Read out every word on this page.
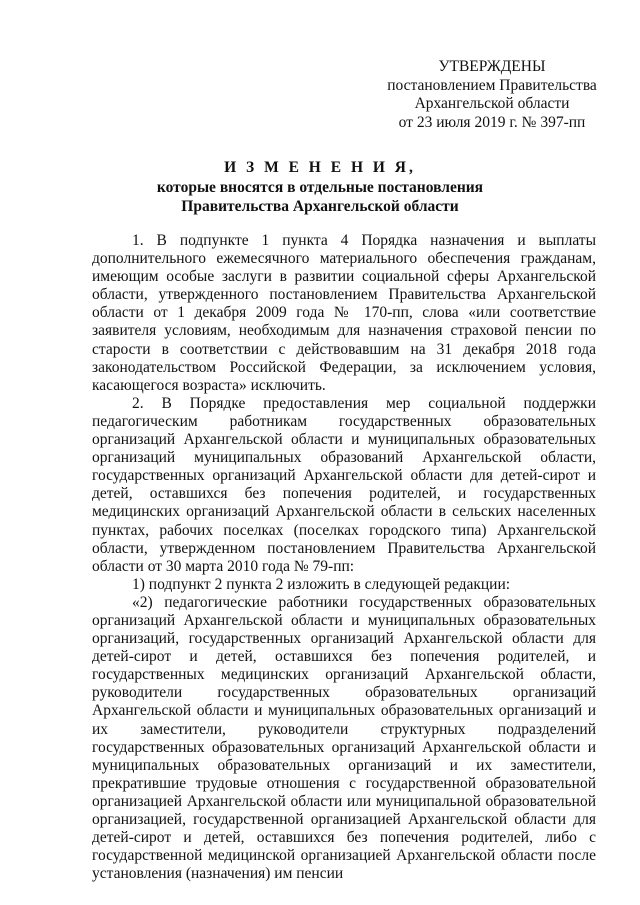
УТВЕРЖДЕНЫ
постановлением Правительства
Архангельской области
от 23 июля 2019 г. № 397-пп
И З М Е Н Е Н И Я,
которые вносятся в отдельные постановления
Правительства Архангельской области

1. В подпункте 1 пункта 4 Порядка назначения и выплаты дополнительного ежемесячного материального обеспечения гражданам, имеющим особые заслуги в развитии социальной сферы Архангельской области, утвержденного постановлением Правительства Архангельской области от 1 декабря 2009 года № 170-пп, слова «или соответствие заявителя условиям, необходимым для назначения страховой пенсии по старости в соответствии с действовавшим на 31 декабря 2018 года законодательством Российской Федерации, за исключением условия, касающегося возраста» исключить.

2. В Порядке предоставления мер социальной поддержки педагогическим работникам государственных образовательных организаций Архангельской области и муниципальных образовательных организаций муниципальных образований Архангельской области, государственных организаций Архангельской области для детей-сирот и детей, оставшихся без попечения родителей, и государственных медицинских организаций Архангельской области в сельских населенных пунктах, рабочих поселках (поселках городского типа) Архангельской области, утвержденном постановлением Правительства Архангельской области от 30 марта 2010 года № 79-пп:

1) подпункт 2 пункта 2 изложить в следующей редакции:

«2) педагогические работники государственных образовательных организаций Архангельской области и муниципальных образовательных организаций, государственных организаций Архангельской области для детей-сирот и детей, оставшихся без попечения родителей, и государственных медицинских организаций Архангельской области, руководители государственных образовательных организаций Архангельской области и муниципальных образовательных организаций и их заместители, руководители структурных подразделений государственных образовательных организаций Архангельской области и муниципальных образовательных организаций и их заместители, прекратившие трудовые отношения с государственной образовательной организацией Архангельской области или муниципальной образовательной организацией, государственной организацией Архангельской области для детей-сирот и детей, оставшихся без попечения родителей, либо с государственной медицинской организацией Архангельской области после установления (назначения) им пенсии
